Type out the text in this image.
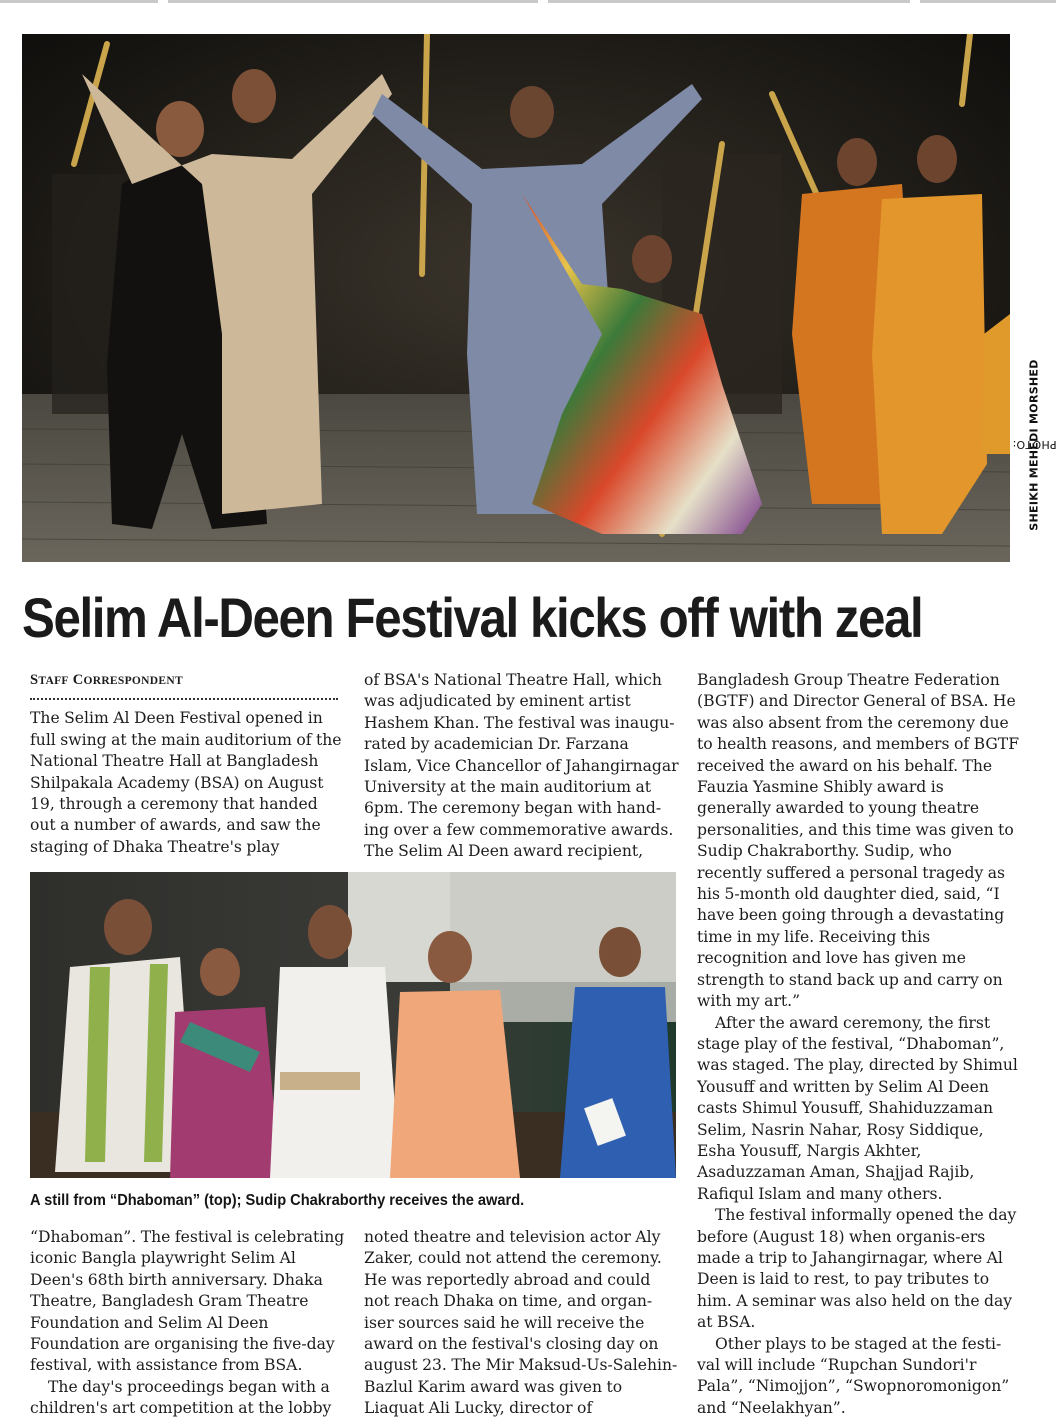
PHOTO:
SHEIKH MEHEDI MORSHED
Selim Al-Deen Festival kicks off with zeal
STAFF CORRESPONDENT

The Selim Al Deen Festival opened in full swing at the main auditorium of the National Theatre Hall at Bangladesh Shilpakala Academy (BSA) on August 19, through a ceremony that handed out a number of awards, and saw the staging of Dhaka Theatre's play

of BSA's National Theatre Hall, which was adjudicated by eminent artist Hashem Khan. The festival was inaugu-rated by academician Dr. Farzana Islam, Vice Chancellor of Jahangirnagar University at the main auditorium at 6pm. The ceremony began with hand-ing over a few commemorative awards. The Selim Al Deen award recipient,

Bangladesh Group Theatre Federation (BGTF) and Director General of BSA. He was also absent from the ceremony due to health reasons, and members of BGTF received the award on his behalf. The Fauzia Yasmine Shibly award is generally awarded to young theatre personalities, and this time was given to Sudip Chakraborthy. Sudip, who recently suffered a personal tragedy as his 5-month old daughter died, said, “I have been going through a devastating time in my life. Receiving this recognition and love has given me strength to stand back up and carry on with my art.”

After the award ceremony, the first stage play of the festival, “Dhaboman”, was staged. The play, directed by Shimul Yousuff and written by Selim Al Deen casts Shimul Yousuff, Shahiduzzaman Selim, Nasrin Nahar, Rosy Siddique, Esha Yousuff, Nargis Akhter, Asaduzzaman Aman, Shajjad Rajib, Rafiqul Islam and many others.

The festival informally opened the day before (August 18) when organis-ers made a trip to Jahangirnagar, where Al Deen is laid to rest, to pay tributes to him. A seminar was also held on the day at BSA.

Other plays to be staged at the festi-val will include “Rupchan Sundori'r Pala”, “Nimojjon”, “Swopnoromonigon” and “Neelakhyan”.

A still from “Dhaboman” (top); Sudip Chakraborthy receives the award.

“Dhaboman”. The festival is celebrating iconic Bangla playwright Selim Al Deen's 68th birth anniversary. Dhaka Theatre, Bangladesh Gram Theatre Foundation and Selim Al Deen Foundation are organising the five-day festival, with assistance from BSA.

The day's proceedings began with a children's art competition at the lobby

noted theatre and television actor Aly Zaker, could not attend the ceremony. He was reportedly abroad and could not reach Dhaka on time, and organ-iser sources said he will receive the award on the festival's closing day on august 23. The Mir Maksud-Us-Salehin-Bazlul Karim award was given to Liaquat Ali Lucky, director of
